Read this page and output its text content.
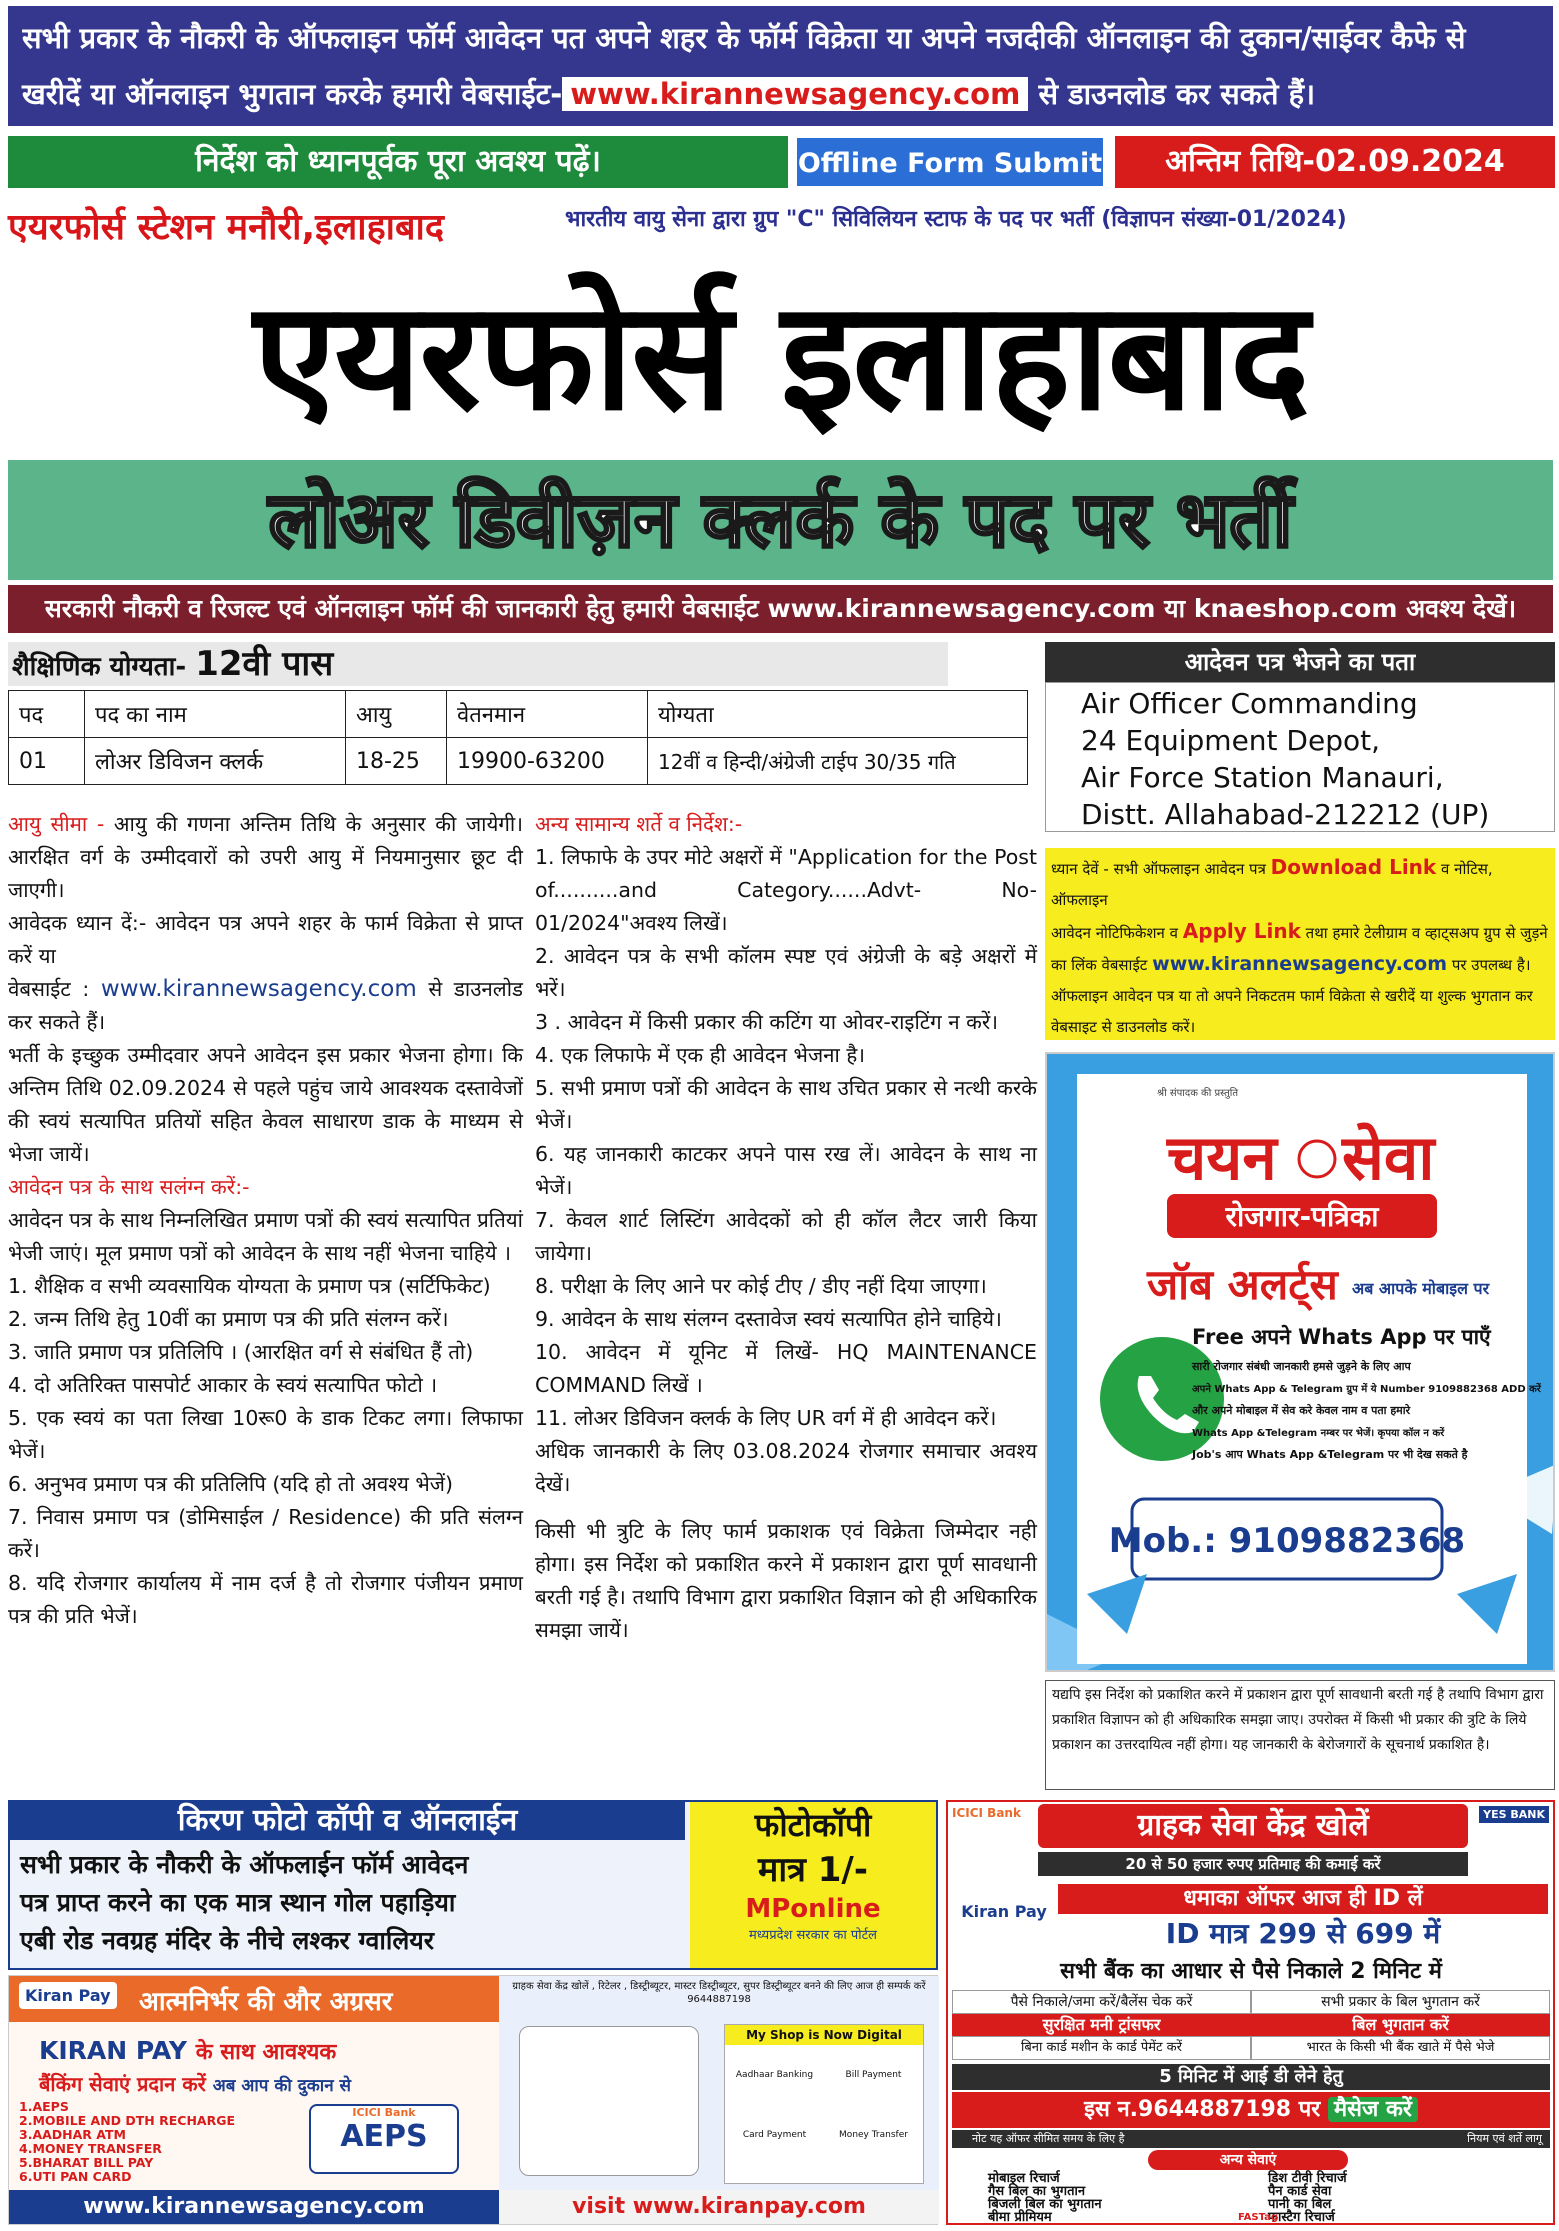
सभी प्रकार के नौकरी के ऑफलाइन फॉर्म आवेदन पत अपने शहर के फॉर्म विक्रेता या अपने नजदीकी ऑनलाइन की दुकान/साईवर कैफे से
खरीदें या ऑनलाइन भुगतान करके हमारी वेबसाईट- www.kirannewsagency.com से डाउनलोड कर सकते हैं।
निर्देश को ध्यानपूर्वक पूरा अवश्य पढ़ें।	Offline Form Submit	अन्तिम तिथि-02.09.2024
एयरफोर्स स्टेशन मनौरी,इलाहाबाद	भारतीय वायु सेना द्वारा ग्रुप "C" सिविलियन स्टाफ के पद पर भर्ती (विज्ञापन संख्या-01/2024)
एयरफोर्स इलाहाबाद
लोअर डिवीज़न क्लर्क के पद पर भर्ती
सरकारी नौकरी व रिजल्ट एवं ऑनलाइन फॉर्म की जानकारी हेतु हमारी वेबसाईट www.kirannewsagency.com या knaeshop.com अवश्य देखें।
शैक्षिणिक योग्यता- 12वी पास
पद	पद का नाम	आयु	वेतनमान	योग्यता
01	लोअर डिविजन क्लर्क	18-25	19900-63200	12वीं व हिन्दी/अंग्रेजी टाईप 30/35 गति
आदेवन पत्र भेजने का पता
Air Officer Commanding
24 Equipment Depot,
Air Force Station Manauri,
Distt. Allahabad-212212 (UP)
ध्यान देवें - सभी ऑफलाइन आवेदन पत्र Download Link व नोटिस, ऑफलाइन
आवेदन नोटिफिकेशन व Apply Link तथा हमारे टेलीग्राम व व्हाट्सअप ग्रुप से जुड़ने
का लिंक वेबसाईट www.kirannewsagency.com पर उपलब्ध है।
ऑफलाइन आवेदन पत्र या तो अपने निकटतम फार्म विक्रेता से खरीदें या शुल्क भुगतान कर
वेबसाइट से डाउनलोड करें।

आयु सीमा - आयु की गणना अन्तिम तिथि के अनुसार की जायेगी। आरक्षित वर्ग के उम्मीदवारों को उपरी आयु में नियमानुसार छूट दी जाएगी।

आवेदक ध्यान दें:- आवेदन पत्र अपने शहर के फार्म विक्रेता से प्राप्त करें या

वेबसाईट : www.kirannewsagency.com से डाउनलोड कर सकते हैं।

भर्ती के इच्छुक उम्मीदवार अपने आवेदन इस प्रकार भेजना होगा। कि अन्तिम तिथि 02.09.2024 से पहले पहुंच जाये आवश्यक दस्तावेजों की स्वयं सत्यापित प्रतियों सहित केवल साधारण डाक के माध्यम से भेजा जायें।

आवेदन पत्र के साथ सलंग्न करें:-

आवेदन पत्र के साथ निम्नलिखित प्रमाण पत्रों की स्वयं सत्यापित प्रतियां भेजी जाएं। मूल प्रमाण पत्रों को आवेदन के साथ नहीं भेजना चाहिये ।

1. शैक्षिक व सभी व्यवसायिक योग्यता के प्रमाण पत्र (सर्टिफिकेट)

2. जन्म तिथि हेतु 10वीं का प्रमाण पत्र की प्रति संलग्न करें।

3. जाति प्रमाण पत्र प्रतिलिपि । (आरक्षित वर्ग से संबंधित हैं तो)

4. दो अतिरिक्त पासपोर्ट आकार के स्वयं सत्यापित फोटो ।

5. एक स्वयं का पता लिखा 10रू0 के डाक टिकट लगा। लिफाफा भेजें।

6. अनुभव प्रमाण पत्र की प्रतिलिपि (यदि हो तो अवश्य भेजें)

7. निवास प्रमाण पत्र (डोमिसाईल / Residence) की प्रति संलग्न करें।

8. यदि रोजगार कार्यालय में नाम दर्ज है तो रोजगार पंजीयन प्रमाण पत्र की प्रति भेजें।

अन्य सामान्य शर्ते व निर्देश:-

1. लिफाफे के उपर मोटे अक्षरों में "Application for the Post of..........and Category......Advt- No- 01/2024"अवश्य लिखें।

2. आवेदन पत्र के सभी कॉलम स्पष्ट एवं अंग्रेजी के बड़े अक्षरों में भरें।

3 . आवेदन में किसी प्रकार की कटिंग या ओवर-राइटिंग न करें।

4. एक लिफाफे में एक ही आवेदन भेजना है।

5. सभी प्रमाण पत्रों की आवेदन के साथ उचित प्रकार से नत्थी करके भेजें।

6. यह जानकारी काटकर अपने पास रख लें। आवेदन के साथ ना भेजें।

7. केवल शार्ट लिस्टिंग आवेदकों को ही कॉल लैटर जारी किया जायेगा।

8. परीक्षा के लिए आने पर कोई टीए / डीए नहीं दिया जाएगा।

9. आवेदन के साथ संलग्न दस्तावेज स्वयं सत्यापित होने चाहिये।

10. आवेदन में यूनिट में लिखें- HQ MAINTENANCE COMMAND लिखें ।

11. लोअर डिविजन क्लर्क के लिए UR वर्ग में ही आवेदन करें।

अधिक जानकारी के लिए 03.08.2024 रोजगार समाचार अवश्य देखें।

किसी भी त्रुटि के लिए फार्म प्रकाशक एवं विक्रेता जिम्मेदार नही होगा। इस निर्देश को प्रकाशित करने में प्रकाशन द्वारा पूर्ण सावधानी बरती गई है। तथापि विभाग द्वारा प्रकाशित विज्ञान को ही अधिकारिक समझा जायें।

श्री संपादक की प्रस्तुति
चयन सेवा
रोजगार-पत्रिका
जॉब अलर्ट्स अब आपके मोबाइल पर
Free अपने Whats App पर पाएँ
सारी रोजगार संबंधी जानकारी हमसे जुड़ने के लिए आप
अपने Whats App & Telegram ग्रुप में ये Number 9109882368 ADD करें
और अपने मोबाइल में सेव करे केवल नाम व पता हमारे
Whats App &Telegram नम्बर पर भेजें। कृपया कॉल न करें
Job's आप Whats App &Telegram पर भी देख सकते है
Mob.: 9109882368
यद्यपि इस निर्देश को प्रकाशित करने में प्रकाशन द्वारा पूर्ण सावधानी बरती गई है तथापि विभाग द्वारा प्रकाशित विज्ञापन को ही अधिकारिक समझा जाए। उपरोक्त में किसी भी प्रकार की त्रुटि के लिये प्रकाशन का उत्तरदायित्व नहीं होगा। यह जानकारी के बेरोजगारों के सूचनार्थ प्रकाशित है।
किरण फोटो कॉपी व ऑनलाईन
सभी प्रकार के नौकरी के ऑफलाईन फॉर्म आवेदन
पत्र प्राप्त करने का एक मात्र स्थान गोल पहाड़िया
एबी रोड नवग्रह मंदिर के नीचे लश्कर ग्वालियर
फोटोकॉपी
मात्र 1/-
MPonline
मध्यप्रदेश सरकार का पोर्टल
Kiran Pay आत्मनिर्भर की और अग्रसर
KIRAN PAY के साथ आवश्यक
बैंकिंग सेवाएं प्रदान करें अब आप की दुकान से
1.AEPS
2.MOBILE AND DTH RECHARGE
3.AADHAR ATM
4.MONEY TRANSFER
5.BHARAT BILL PAY
6.UTI PAN CARD
ICICI Bank
AEPS
ग्राहक सेवा केंद्र खोलें , रिटेलर , डिस्ट्रीब्यूटर, मास्टर डिस्ट्रीब्यूटर, सुपर डिस्ट्रीब्यूटर बनने की लिए आज ही सम्पर्क करें 9644887198
My Shop is Now Digital
Aadhaar Banking	Bill Payment
Card Payment	Money Transfer
www.kirannewsagency.com	visit www.kiranpay.com
ICICI Bank	YES BANK
ग्राहक सेवा केंद्र खोलें
20 से 50 हजार रुपए प्रतिमाह की कमाई करें
Kiran Pay
धमाका ऑफर आज ही ID लें
ID मात्र 299 से 699 में
सभी बैंक का आधार से पैसे निकाले 2 मिनिट में
पैसे निकाले/जमा करें/बैलेंस चेक करें	सभी प्रकार के बिल भुगतान करें
सुरक्षित मनी ट्रांसफर	बिल भुगतान करें
बिना कार्ड मशीन के कार्ड पेमेंट करें	भारत के किसी भी बैंक खाते में पैसे भेजे
5 मिनिट में आई डी लेने हेतु
इस न.9644887198 पर मैसेज करें
नोट यह ऑफर सीमित समय के लिए है	नियम एवं शर्ते लागू
अन्य सेवाएं
मोबाइल रिचार्ज	डिश टीवी रिचार्ज
गैस बिल का भुगतान	पैन कार्ड सेवा
बिजली बिल का भुगतान	पानी का बिल
बीमा प्रीमियम	फास्टैग रिचार्ज
FASTag
